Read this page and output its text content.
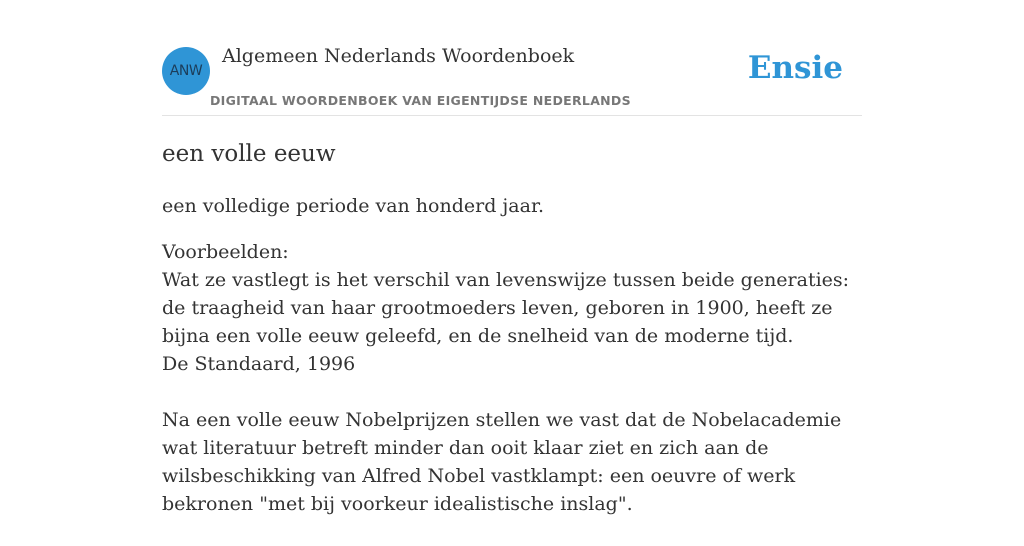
ANW
Algemeen Nederlands Woordenboek
DIGITAAL WOORDENBOEK VAN EIGENTIJDSE NEDERLANDS
Ensie
een volle eeuw

een volledige periode van honderd jaar.

Voorbeelden:

Wat ze vastlegt is het verschil van levenswijze tussen beide generaties: de traagheid van haar grootmoeders leven, geboren in 1900, heeft ze bijna een volle eeuw geleefd, en de snelheid van de moderne tijd.

De Standaard, 1996

Na een volle eeuw Nobelprijzen stellen we vast dat de Nobelacademie wat literatuur betreft minder dan ooit klaar ziet en zich aan de wilsbeschikking van Alfred Nobel vastklampt: een oeuvre of werk bekronen "met bij voorkeur idealistische inslag".
